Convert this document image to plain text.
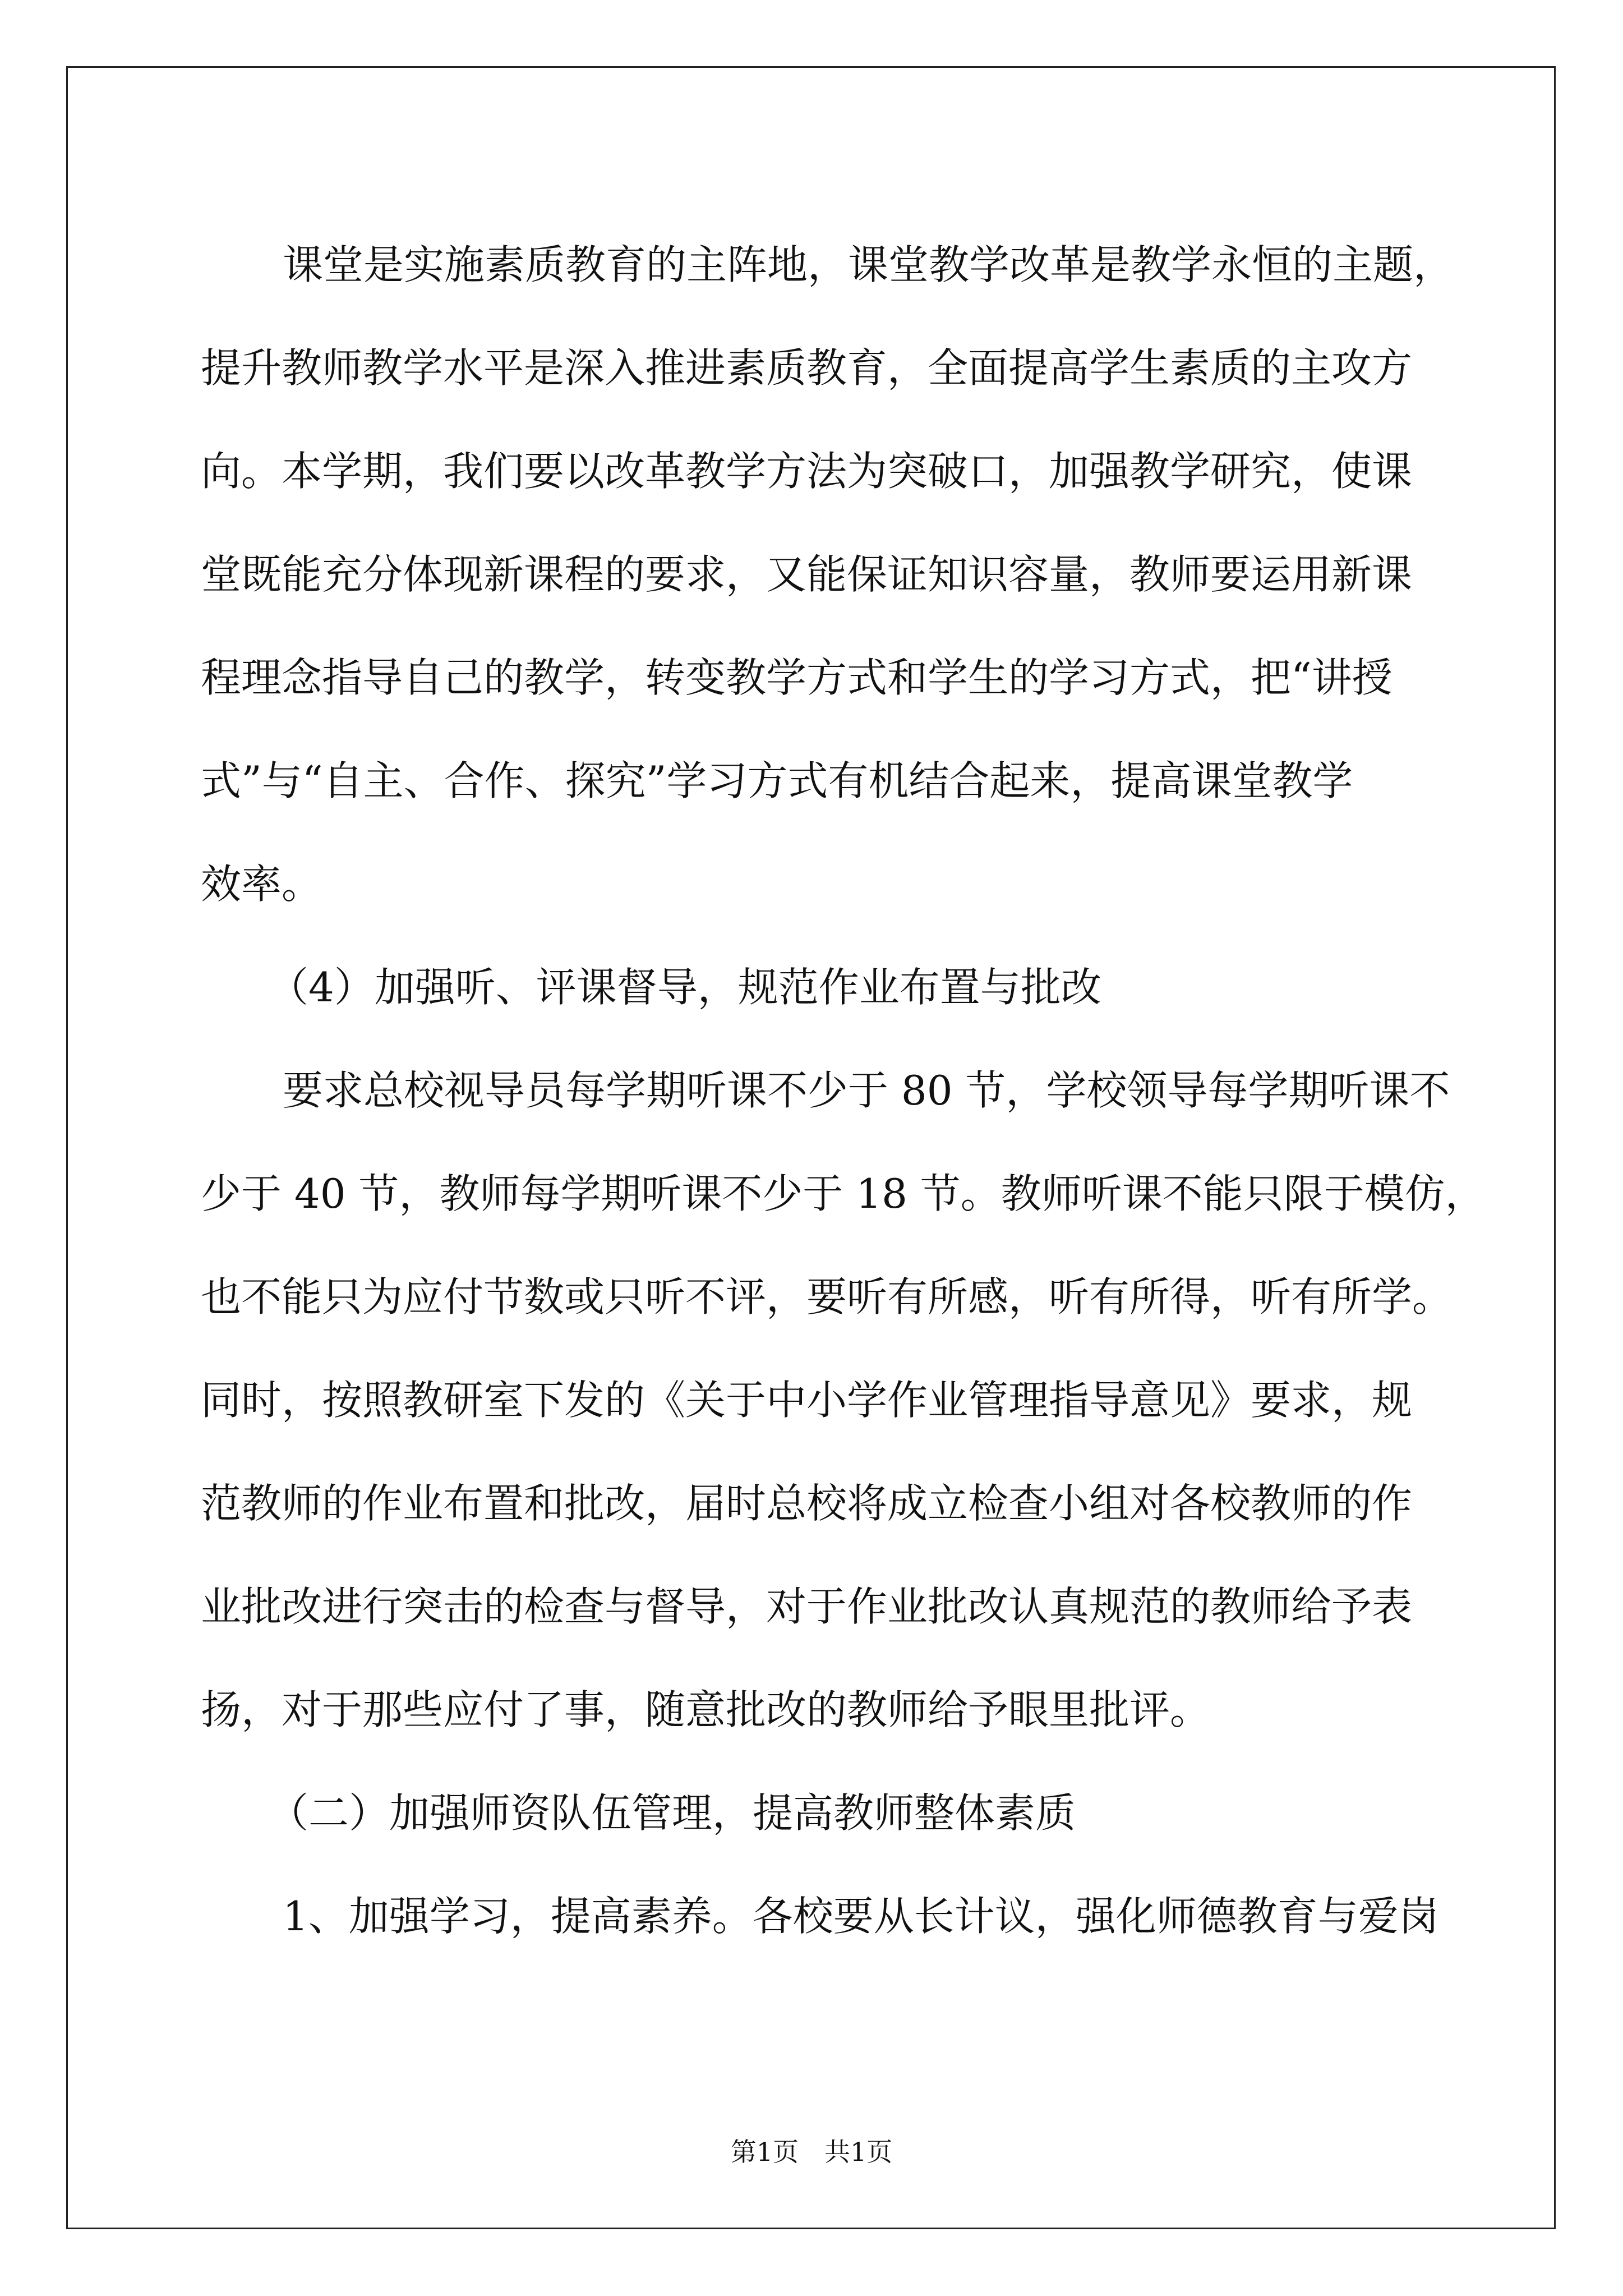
课堂是实施素质教育的主阵地，课堂教学改革是教学永恒的主题，
提升教师教学水平是深入推进素质教育，全面提高学生素质的主攻方
向。本学期，我们要以改革教学方法为突破口，加强教学研究，使课
堂既能充分体现新课程的要求，又能保证知识容量，教师要运用新课
程理念指导自己的教学，转变教学方式和学生的学习方式，把“讲授
式”与“自主、合作、探究”学习方式有机结合起来，提高课堂教学
效率。
（4）加强听、评课督导，规范作业布置与批改
要求总校视导员每学期听课不少于 80 节，学校领导每学期听课不
少于 40 节，教师每学期听课不少于 18 节。教师听课不能只限于模仿，
也不能只为应付节数或只听不评，要听有所感，听有所得，听有所学。
同时，按照教研室下发的《关于中小学作业管理指导意见》要求，规
范教师的作业布置和批改，届时总校将成立检查小组对各校教师的作
业批改进行突击的检查与督导，对于作业批改认真规范的教师给予表
扬，对于那些应付了事，随意批改的教师给予眼里批评。
（二）加强师资队伍管理，提高教师整体素质
1、加强学习，提高素养。各校要从长计议，强化师德教育与爱岗
第1页　共1页
